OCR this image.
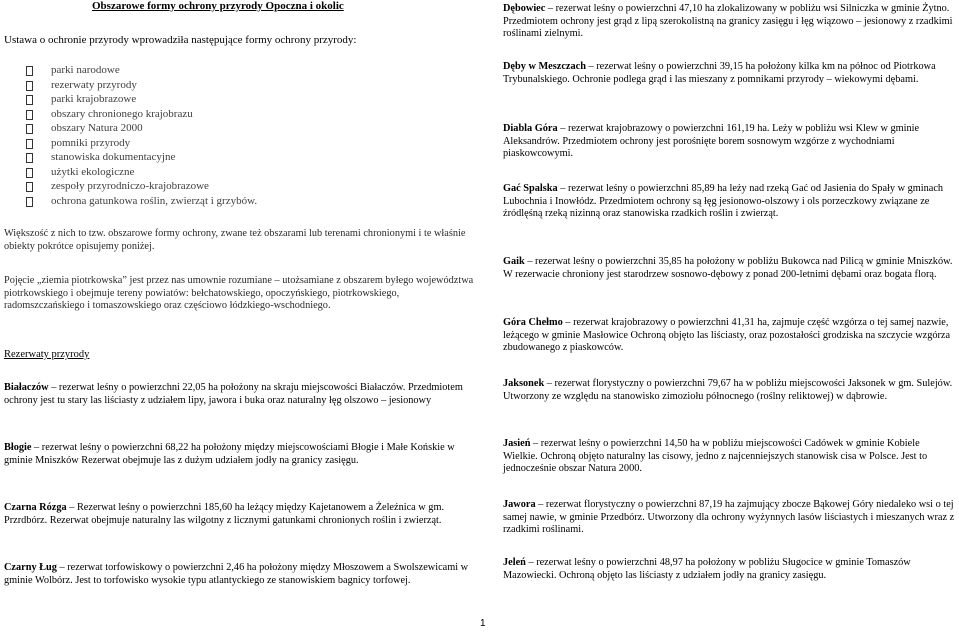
Obszarowe formy ochrony przyrody Opoczna i okolic
Ustawa o ochronie przyrody wprowadziła następujące formy ochrony przyrody:
parki narodowe
rezerwaty przyrody
parki krajobrazowe
obszary chronionego krajobrazu
obszary Natura 2000
pomniki przyrody
stanowiska dokumentacyjne
użytki ekologiczne
zespoły przyrodniczo-krajobrazowe
ochrona gatunkowa roślin, zwierząt i grzybów.

Większość z nich to tzw. obszarowe formy ochrony, zwane też obszarami lub terenami chronionymi i te właśnie obiekty pokrótce opisujemy poniżej.

Pojęcie „ziemia piotrkowska” jest przez nas umownie rozumiane – utożsamiane z obszarem byłego województwa piotrkowskiego i obejmuje tereny powiatów: bełchatowskiego, opoczyńskiego, piotrkowskiego, radomszczańskiego i tomaszowskiego oraz częściowo łódzkiego-wschodniego.

Rezerwaty przyrody

Białaczów – rezerwat leśny o powierzchni 22,05 ha położony na skraju miejscowości Białaczów. Przedmiotem ochrony jest tu stary las liściasty z udziałem lipy, jawora i buka oraz naturalny łęg olszowo – jesionowy

Błogie – rezerwat leśny o powierzchni 68,22 ha położony między miejscowościami Błogie i Małe Końskie w gminie Mniszków Rezerwat obejmuje las z dużym udziałem jodły na granicy zasięgu.

Czarna Rózga – Rezerwat leśny o powierzchni 185,60 ha leżący między Kajetanowem a Żeleźnica w gm. Przrdbórz. Rezerwat obejmuje naturalny las wilgotny z licznymi gatunkami chronionych roślin i zwierząt.

Czarny Ług – rezerwat torfowiskowy o powierzchni 2,46 ha położony między Młoszowem a Swolszewicami w gminie Wolbórz. Jest to torfowisko wysokie typu atlantyckiego ze stanowiskiem bagnicy torfowej.

Dębowiec – rezerwat leśny o powierzchni 47,10 ha zlokalizowany w pobliżu wsi Silniczka w gminie Żytno. Przedmiotem ochrony jest grąd z lipą szerokolistną na granicy zasięgu i łęg wiązowo – jesionowy z rzadkimi roślinami zielnymi.

Dęby w Meszczach – rezerwat leśny o powierzchni 39,15 ha położony kilka km na północ od Piotrkowa Trybunalskiego. Ochronie podlega grąd i las mieszany z pomnikami przyrody – wiekowymi dębami.

Diabla Góra – rezerwat krajobrazowy o powierzchni 161,19 ha. Leży w pobliżu wsi Klew w gminie Aleksandrów. Przedmiotem ochrony jest porośnięte borem sosnowym wzgórze z wychodniami piaskowcowymi.

Gać Spalska – rezerwat leśny o powierzchni 85,89 ha leży nad rzeką Gać od Jasienia do Spały w gminach Lubochnia i Inowłódz. Przedmiotem ochrony są łęg jesionowo-olszowy i ols porzeczkowy związane ze źródlęśną rzeką nizinną oraz stanowiska rzadkich roślin i zwierząt.

Gaik – rezerwat leśny o powierzchni 35,85 ha położony w pobliżu Bukowca nad Pilicą w gminie Mniszków. W rezerwacie chroniony jest starodrzew sosnowo-dębowy z ponad 200-letnimi dębami oraz bogata florą.

Góra Chełmo – rezerwat krajobrazowy o powierzchni 41,31 ha, zajmuje część wzgórza o tej samej nazwie, leżącego w gminie Masłowice Ochroną objęto las liściasty, oraz pozostałości grodziska na szczycie wzgórza zbudowanego z piaskowców.

Jaksonek – rezerwat florystyczny o powierzchni 79,67 ha w pobliżu miejscowości Jaksonek w gm. Sulejów. Utworzony ze względu na stanowisko zimoziołu północnego (roślny reliktowej) w dąbrowie.

Jasień – rezerwat leśny o powierzchni 14,50 ha w pobliżu miejscowości Cadówek w gminie Kobiele Wielkie. Ochroną objęto naturalny las cisowy, jedno z najcenniejszych stanowisk cisa w Polsce. Jest to jednocześnie obszar Natura 2000.

Jawora – rezerwat florystyczny o powierzchni 87,19 ha zajmujący zbocze Bąkowej Góry niedaleko wsi o tej samej nawie, w gminie Przedbórz. Utworzony dla ochrony wyżynnych lasów liściastych i mieszanych wraz z rzadkimi roślinami.

Jeleń – rezerwat leśny o powierzchni 48,97 ha położony w pobliżu Sługocice w gminie Tomaszów Mazowiecki. Ochroną objęto las liściasty z udziałem jodły na granicy zasięgu.

1
